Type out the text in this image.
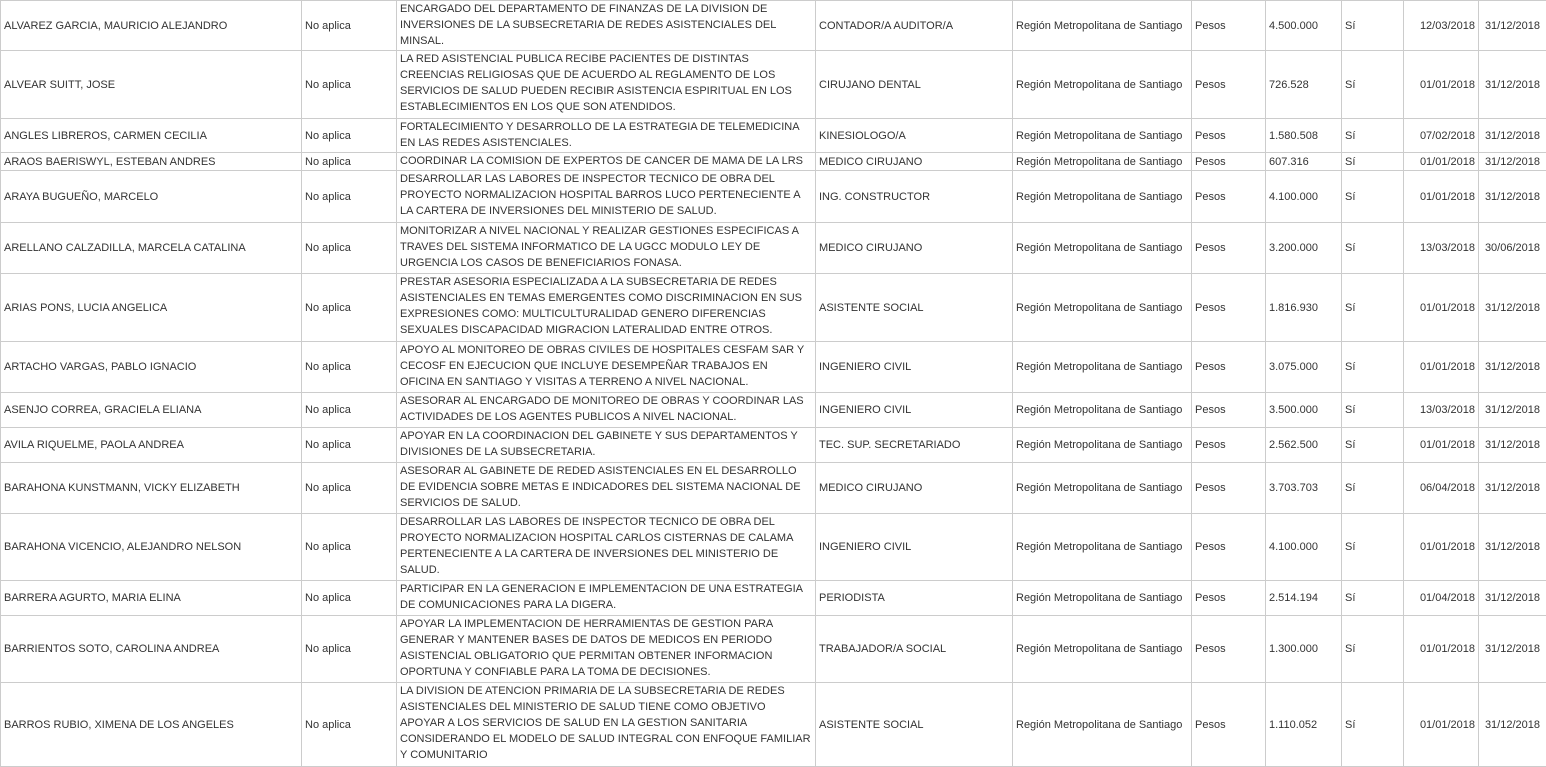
ALVAREZ GARCIA, MAURICIO ALEJANDRO	No aplica	ENCARGADO DEL DEPARTAMENTO DE FINANZAS DE LA DIVISION DE INVERSIONES DE LA SUBSECRETARIA DE REDES ASISTENCIALES DEL MINSAL.	CONTADOR/A AUDITOR/A	Región Metropolitana de Santiago	Pesos	4.500.000	Sí	12/03/2018	31/12/2018
ALVEAR SUITT, JOSE	No aplica	LA RED ASISTENCIAL PUBLICA RECIBE PACIENTES DE DISTINTAS CREENCIAS RELIGIOSAS QUE DE ACUERDO AL REGLAMENTO DE LOS SERVICIOS DE SALUD PUEDEN RECIBIR ASISTENCIA ESPIRITUAL EN LOS ESTABLECIMIENTOS EN LOS QUE SON ATENDIDOS.	CIRUJANO DENTAL	Región Metropolitana de Santiago	Pesos	726.528	Sí	01/01/2018	31/12/2018
ANGLES LIBREROS, CARMEN CECILIA	No aplica	FORTALECIMIENTO Y DESARROLLO DE LA ESTRATEGIA DE TELEMEDICINA EN LAS REDES ASISTENCIALES.	KINESIOLOGO/A	Región Metropolitana de Santiago	Pesos	1.580.508	Sí	07/02/2018	31/12/2018
ARAOS BAERISWYL, ESTEBAN ANDRES	No aplica	COORDINAR LA COMISION DE EXPERTOS DE CANCER DE MAMA DE LA LRS	MEDICO CIRUJANO	Región Metropolitana de Santiago	Pesos	607.316	Sí	01/01/2018	31/12/2018
ARAYA BUGUEÑO, MARCELO	No aplica	DESARROLLAR LAS LABORES DE INSPECTOR TECNICO DE OBRA DEL PROYECTO NORMALIZACION HOSPITAL BARROS LUCO PERTENECIENTE A LA CARTERA DE INVERSIONES DEL MINISTERIO DE SALUD.	ING. CONSTRUCTOR	Región Metropolitana de Santiago	Pesos	4.100.000	Sí	01/01/2018	31/12/2018
ARELLANO CALZADILLA, MARCELA CATALINA	No aplica	MONITORIZAR A NIVEL NACIONAL Y REALIZAR GESTIONES ESPECIFICAS A TRAVES DEL SISTEMA INFORMATICO DE LA UGCC MODULO LEY DE URGENCIA LOS CASOS DE BENEFICIARIOS FONASA.	MEDICO CIRUJANO	Región Metropolitana de Santiago	Pesos	3.200.000	Sí	13/03/2018	30/06/2018
ARIAS PONS, LUCIA ANGELICA	No aplica	PRESTAR ASESORIA ESPECIALIZADA A LA SUBSECRETARIA DE REDES ASISTENCIALES EN TEMAS EMERGENTES COMO DISCRIMINACION EN SUS EXPRESIONES COMO: MULTICULTURALIDAD GENERO DIFERENCIAS SEXUALES DISCAPACIDAD MIGRACION LATERALIDAD ENTRE OTROS.	ASISTENTE SOCIAL	Región Metropolitana de Santiago	Pesos	1.816.930	Sí	01/01/2018	31/12/2018
ARTACHO VARGAS, PABLO IGNACIO	No aplica	APOYO AL MONITOREO DE OBRAS CIVILES DE HOSPITALES CESFAM SAR Y CECOSF EN EJECUCION QUE INCLUYE DESEMPEÑAR TRABAJOS EN OFICINA EN SANTIAGO Y VISITAS A TERRENO A NIVEL NACIONAL.	INGENIERO CIVIL	Región Metropolitana de Santiago	Pesos	3.075.000	Sí	01/01/2018	31/12/2018
ASENJO CORREA, GRACIELA ELIANA	No aplica	ASESORAR AL ENCARGADO DE MONITOREO DE OBRAS Y COORDINAR LAS ACTIVIDADES DE LOS AGENTES PUBLICOS A NIVEL NACIONAL.	INGENIERO CIVIL	Región Metropolitana de Santiago	Pesos	3.500.000	Sí	13/03/2018	31/12/2018
AVILA RIQUELME, PAOLA ANDREA	No aplica	APOYAR EN LA COORDINACION DEL GABINETE Y SUS DEPARTAMENTOS Y DIVISIONES DE LA SUBSECRETARIA.	TEC. SUP. SECRETARIADO	Región Metropolitana de Santiago	Pesos	2.562.500	Sí	01/01/2018	31/12/2018
BARAHONA KUNSTMANN, VICKY ELIZABETH	No aplica	ASESORAR AL GABINETE DE REDED ASISTENCIALES EN EL DESARROLLO DE EVIDENCIA SOBRE METAS E INDICADORES DEL SISTEMA NACIONAL DE SERVICIOS DE SALUD.	MEDICO CIRUJANO	Región Metropolitana de Santiago	Pesos	3.703.703	Sí	06/04/2018	31/12/2018
BARAHONA VICENCIO, ALEJANDRO NELSON	No aplica	DESARROLLAR LAS LABORES DE INSPECTOR TECNICO DE OBRA DEL PROYECTO NORMALIZACION HOSPITAL CARLOS CISTERNAS DE CALAMA PERTENECIENTE A LA CARTERA DE INVERSIONES DEL MINISTERIO DE SALUD.	INGENIERO CIVIL	Región Metropolitana de Santiago	Pesos	4.100.000	Sí	01/01/2018	31/12/2018
BARRERA AGURTO, MARIA ELINA	No aplica	PARTICIPAR EN LA GENERACION E IMPLEMENTACION DE UNA ESTRATEGIA DE COMUNICACIONES PARA LA DIGERA.	PERIODISTA	Región Metropolitana de Santiago	Pesos	2.514.194	Sí	01/04/2018	31/12/2018
BARRIENTOS SOTO, CAROLINA ANDREA	No aplica	APOYAR LA IMPLEMENTACION DE HERRAMIENTAS DE GESTION PARA GENERAR Y MANTENER BASES DE DATOS DE MEDICOS EN PERIODO ASISTENCIAL OBLIGATORIO QUE PERMITAN OBTENER INFORMACION OPORTUNA Y CONFIABLE PARA LA TOMA DE DECISIONES.	TRABAJADOR/A SOCIAL	Región Metropolitana de Santiago	Pesos	1.300.000	Sí	01/01/2018	31/12/2018
BARROS RUBIO, XIMENA DE LOS ANGELES	No aplica	LA DIVISION DE ATENCION PRIMARIA DE LA SUBSECRETARIA DE REDES ASISTENCIALES DEL MINISTERIO DE SALUD TIENE COMO OBJETIVO APOYAR A LOS SERVICIOS DE SALUD EN LA GESTION SANITARIA CONSIDERANDO EL MODELO DE SALUD INTEGRAL CON ENFOQUE FAMILIAR Y COMUNITARIO	ASISTENTE SOCIAL	Región Metropolitana de Santiago	Pesos	1.110.052	Sí	01/01/2018	31/12/2018
